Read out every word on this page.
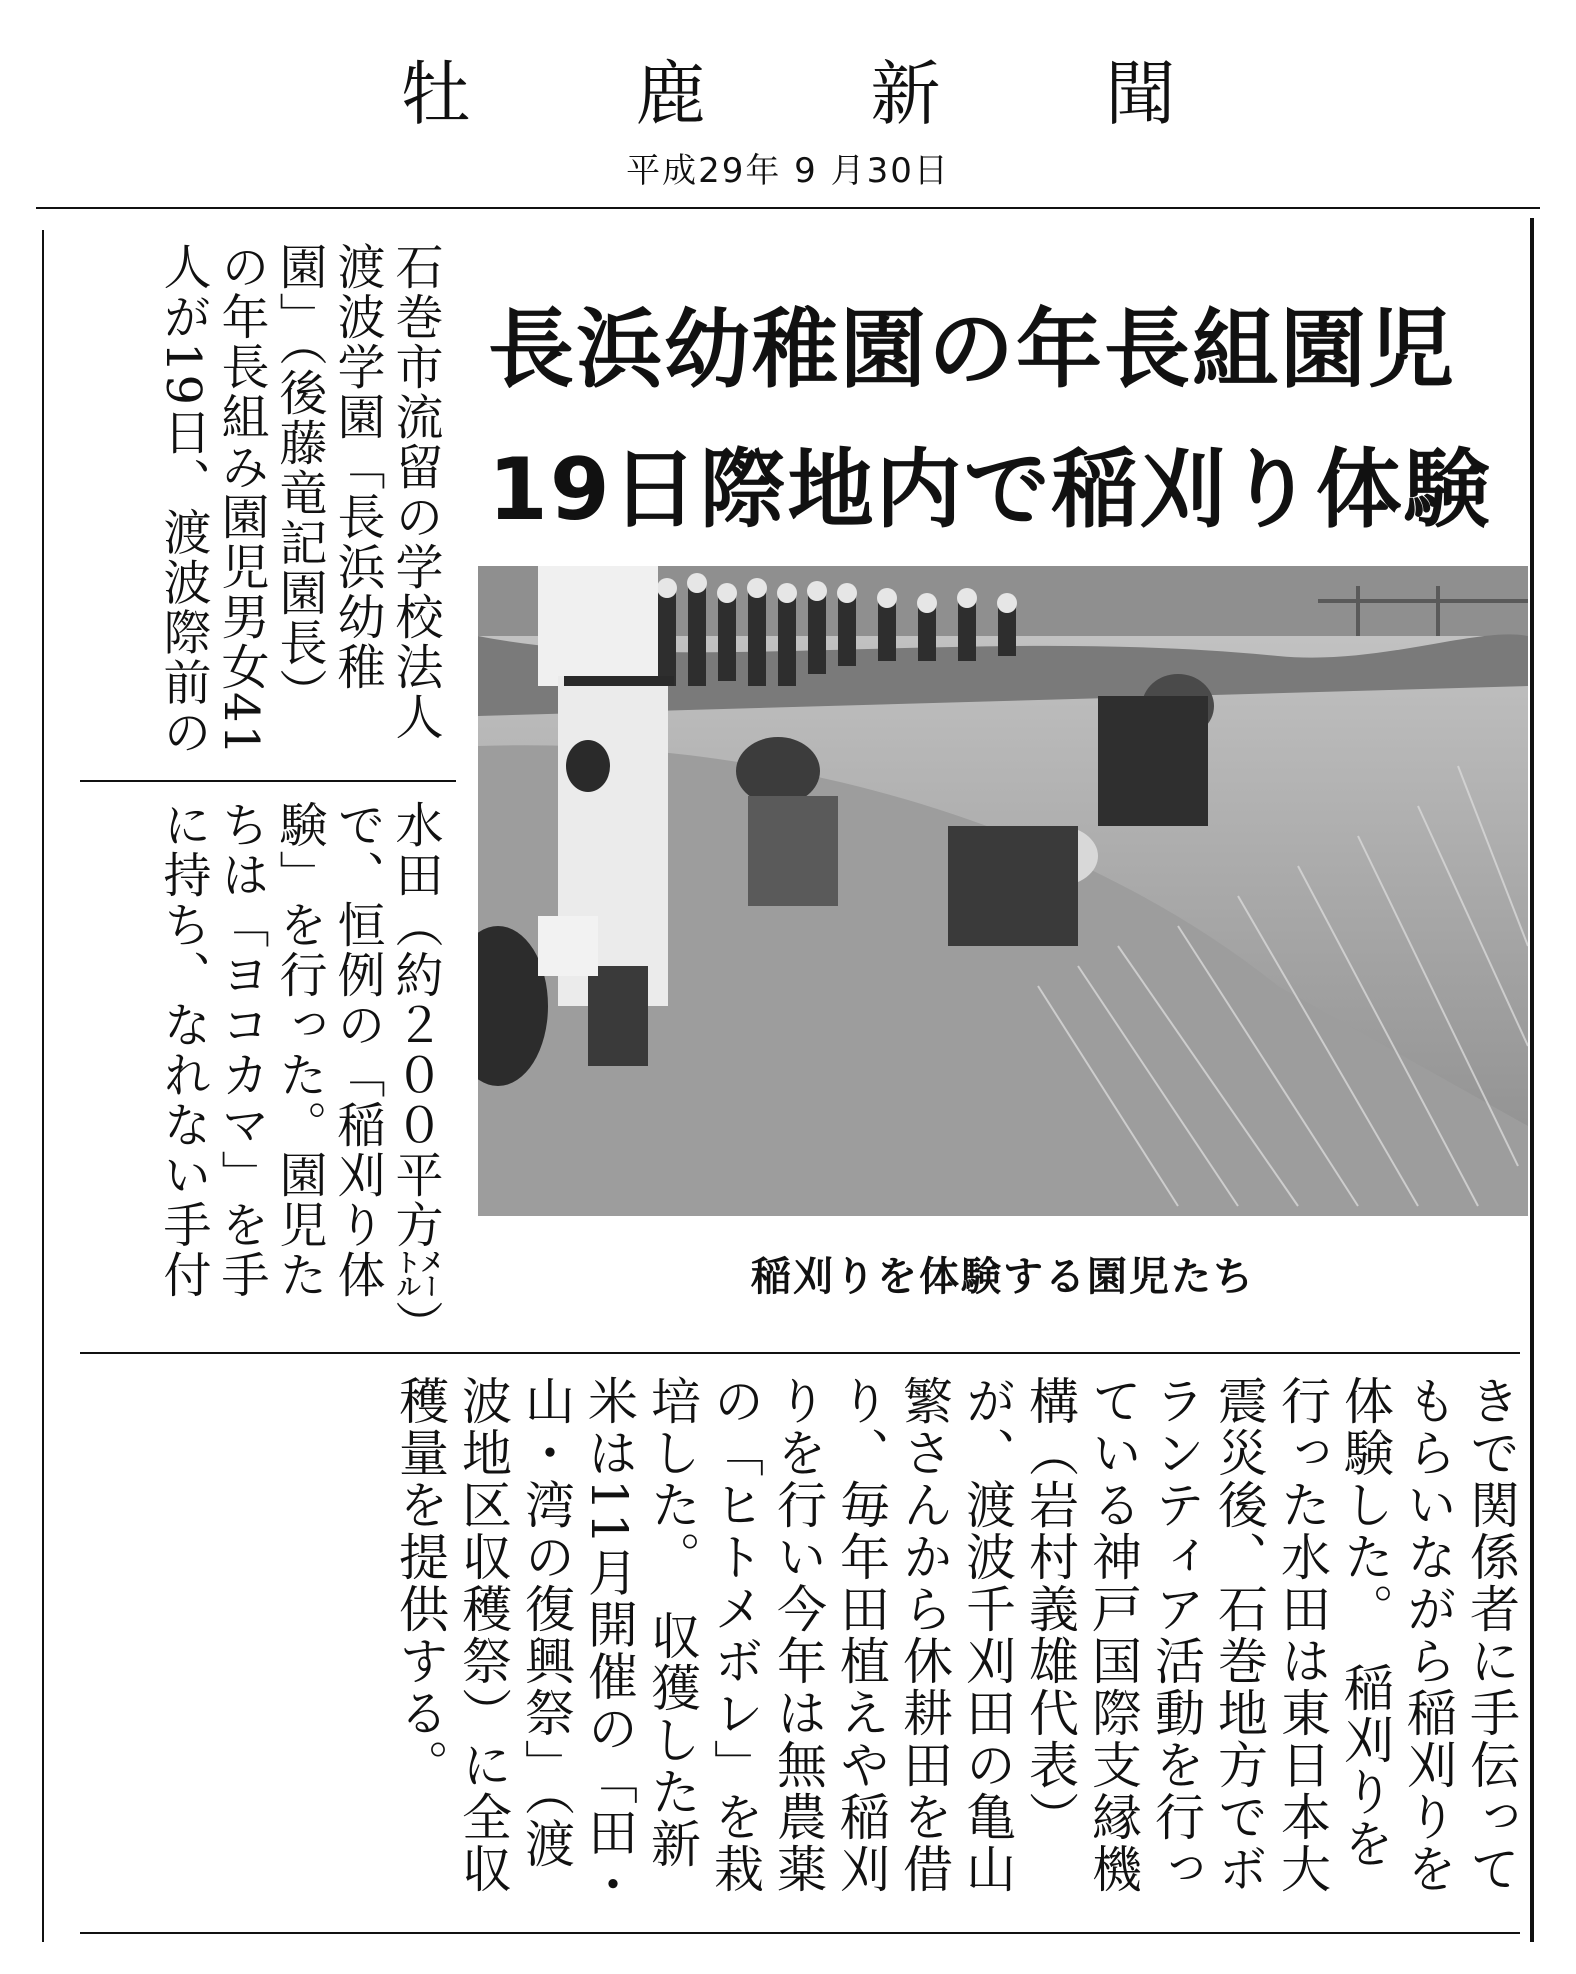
牡鹿新聞
平成29年 9 月30日
長浜幼稚園の年長組園児
19日際地内で稲刈り体験
石巻市流留の学校法人渡波学園「長浜幼稚園」（後藤竜記園長）の年長組み園児男女41人が19日、渡波際前の
水田（約２００平方㍍）で、恒例の「稲刈り体験」を行った。園児たちは「ヨコカマ」を手に持ち、なれない手付
きで関係者に手伝ってもらいながら稲刈りを体験した。　稲刈りを行った水田は東日本大震災後、石巻地方でボランティア活動を行っている神戸国際支縁機構（岩村義雄代表）が、渡波千刈田の亀山繁さんから休耕田を借り、毎年田植えや稲刈りを行い今年は無農薬の「ヒトメボレ」を栽培した。　収獲した新米は11月開催の「田・山・湾の復興祭」（渡波地区収穫祭）に全収穫量を提供する。
稲刈りを体験する園児たち
